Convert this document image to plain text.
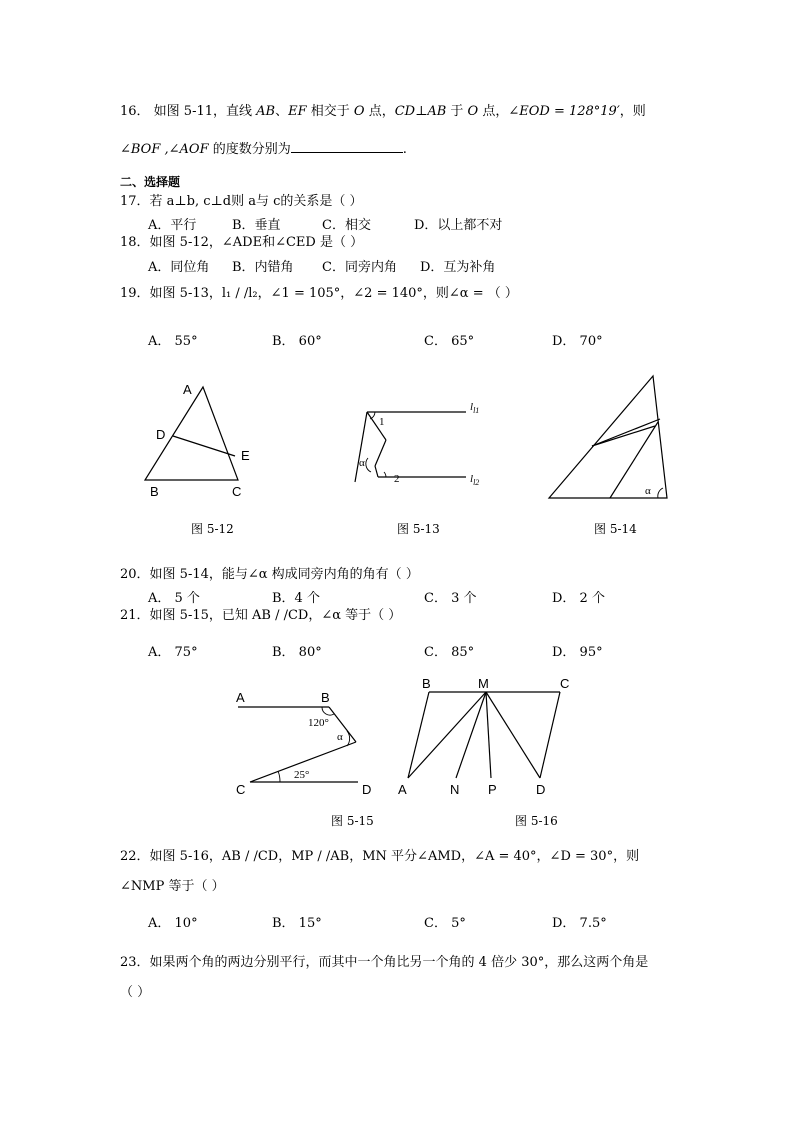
16． 如图 5-11，直线 AB、EF 相交于 O 点，CD⊥AB 于 O 点，∠EOD = 128°19′，则
∠BOF ,∠AOF 的度数分别为	.
二、选择题
17．若 a⊥b, c⊥d则 a与 c的关系是（ ）
A．平行	B．垂直	C．相交	D．以上都不对
18．如图 5-12，∠ADE和∠CED 是（ ）
A．同位角 B．内错角 C．同旁内角 D．互为补角
19．如图 5-13，l₁ / /l₂，∠1 = 105°，∠2 = 140°，则∠α = （ ）
A． 55°	B． 60°	C． 65°	D． 70°
A
D
E
B	C
图 5-12
$l_{l1}$
$l_{l2}$
1
α
2
图 5-13
α
图 5-14
20．如图 5-14，能与∠α 构成同旁内角的角有（ ）
A． 5 个	B．4 个	C． 3 个	D． 2 个
21．如图 5-15，已知 AB / /CD，∠α 等于（ ）
A． 75°	B． 80°	C． 85°	D． 95°
A	B
120°
α
25°
C	D
图 5-15
B	M	C
A	N P	D
图 5-16
22．如图 5-16，AB / /CD，MP / /AB，MN 平分∠AMD，∠A = 40°，∠D = 30°，则
∠NMP 等于（ ）
A． 10°	B． 15°	C． 5°	D． 7.5°
23．如果两个角的两边分别平行，而其中一个角比另一个角的 4 倍少 30°，那么这两个角是
（ ）
